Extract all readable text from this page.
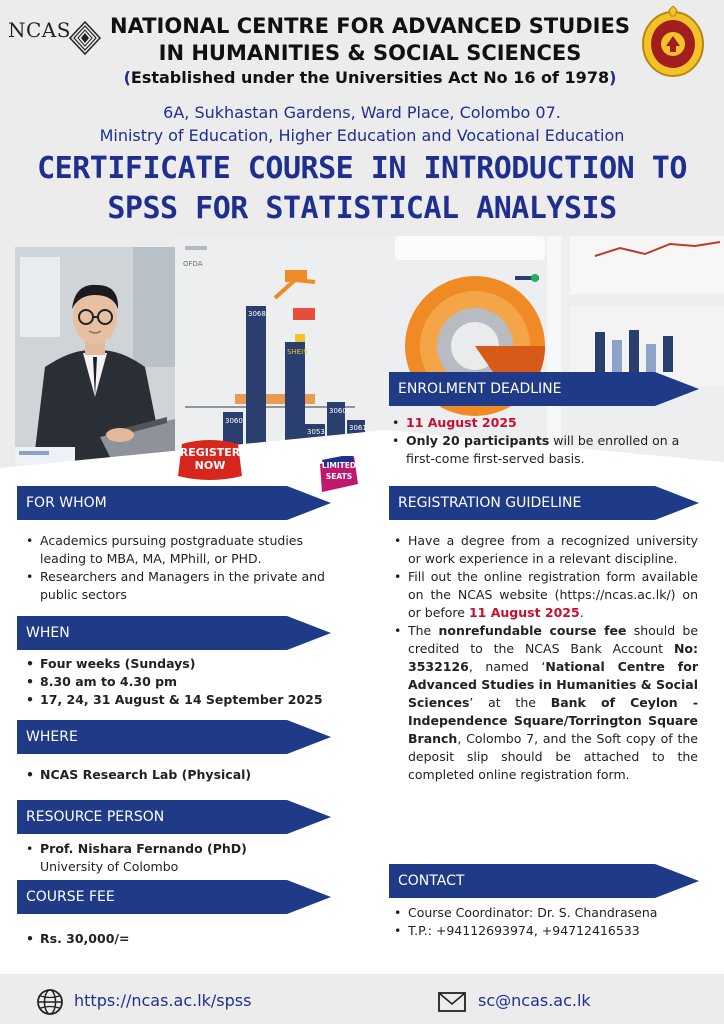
NCAS	NATIONAL CENTRE FOR ADVANCED STUDIES
IN HUMANITIES & SOCIAL SCIENCES
(Established under the Universities Act No 16 of 1978)
6A, Sukhastan Gardens, Ward Place, Colombo 07.
Ministry of Education, Higher Education and Vocational Education
CERTIFICATE COURSE IN INTRODUCTION TO
SPSS FOR STATISTICAL ANALYSIS
3068
SHEIS
3060
3053
3060
3061
OFDA
REGISTER
NOW	LIMITED
SEATS
FOR WHOM
• Academics pursuing postgraduate studies leading to MBA, MA, MPhill, or PHD.
• Researchers and Managers in the private and public sectors
WHEN
• Four weeks (Sundays)
• 8.30 am to 4.30 pm
• 17, 24, 31 August & 14 September 2025
WHERE
• NCAS Research Lab (Physical)
RESOURCE PERSON
• Prof. Nishara Fernando (PhD)
University of Colombo
COURSE FEE
• Rs. 30,000/=
ENROLMENT DEADLINE
• 11 August 2025
• Only 20 participants will be enrolled on a first-come first-served basis.
REGISTRATION GUIDELINE
• Have a degree from a recognized university or work experience in a relevant discipline.
• Fill out the online registration form available on the NCAS website (https://ncas.ac.lk/) on or before 11 August 2025.
• The nonrefundable course fee should be credited to the NCAS Bank Account No: 3532126, named ‘National Centre for Advanced Studies in Humanities & Social Sciences’ at the Bank of Ceylon - Independence Square/Torrington Square Branch, Colombo 7, and the Soft copy of the deposit slip should be attached to the completed online registration form.
CONTACT
• Course Coordinator: Dr. S. Chandrasena
• T.P.: +94112693974, +94712416533
https://ncas.ac.lk/spss	sc@ncas.ac.lk
